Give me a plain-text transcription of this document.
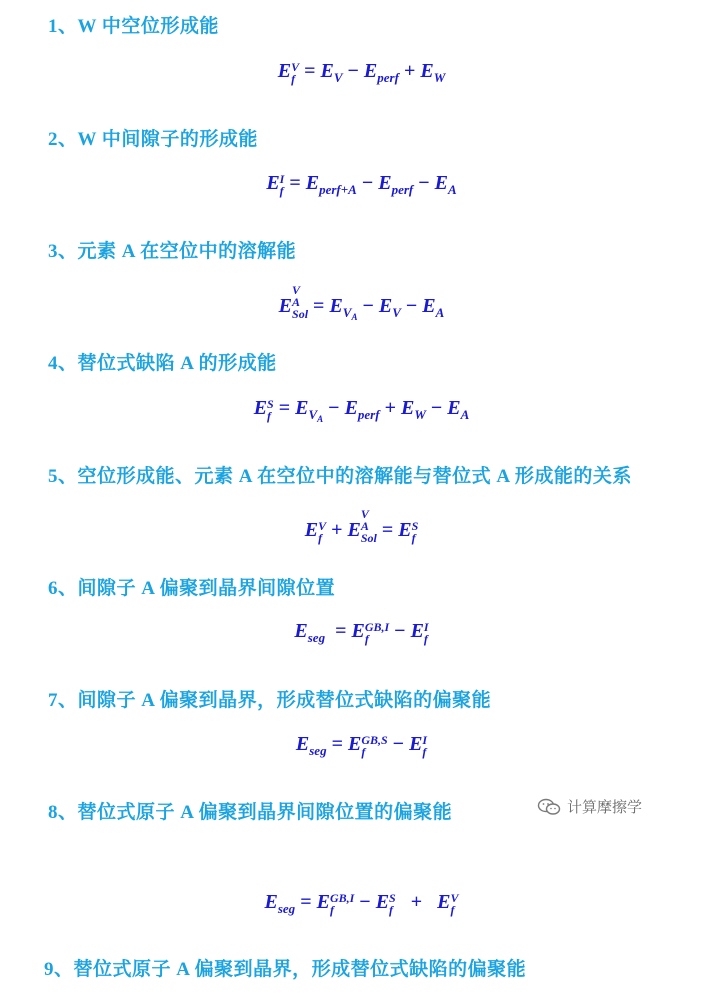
1、W 中空位形成能
E V
$f = E_V - E_{perf} + E_W$
2、W 中间隙子的形成能
E I
$f = E_{perf+A} - E_{perf} - E_A$
3、元素 A 在空位中的溶解能
E
V
A
Sol = $E_{V_A} - E_V - E_A$
4、替位式缺陷 A 的形成能
E S
$f = E_{V_A} - E_{perf} + E_W - E_A$
5、空位形成能、元素 A 在空位中的溶解能与替位式 A 形成能的关系
E V
f + E
V
A
Sol = E S
f
6、间隙子 A 偏聚到晶界间隙位置
$E_{seg} = E$ GB,I
f	− E I
f
7、间隙子 A 偏聚到晶界，形成替位式缺陷的偏聚能
$E_{seg} = E$ GB,S
f	− E I
f
8、替位式原子 A 偏聚到晶界间隙位置的偏聚能	计算摩擦学
$E_{seg} = E$ GB,I
f	− E S
f +  E V
f
9、替位式原子 A 偏聚到晶界，形成替位式缺陷的偏聚能
